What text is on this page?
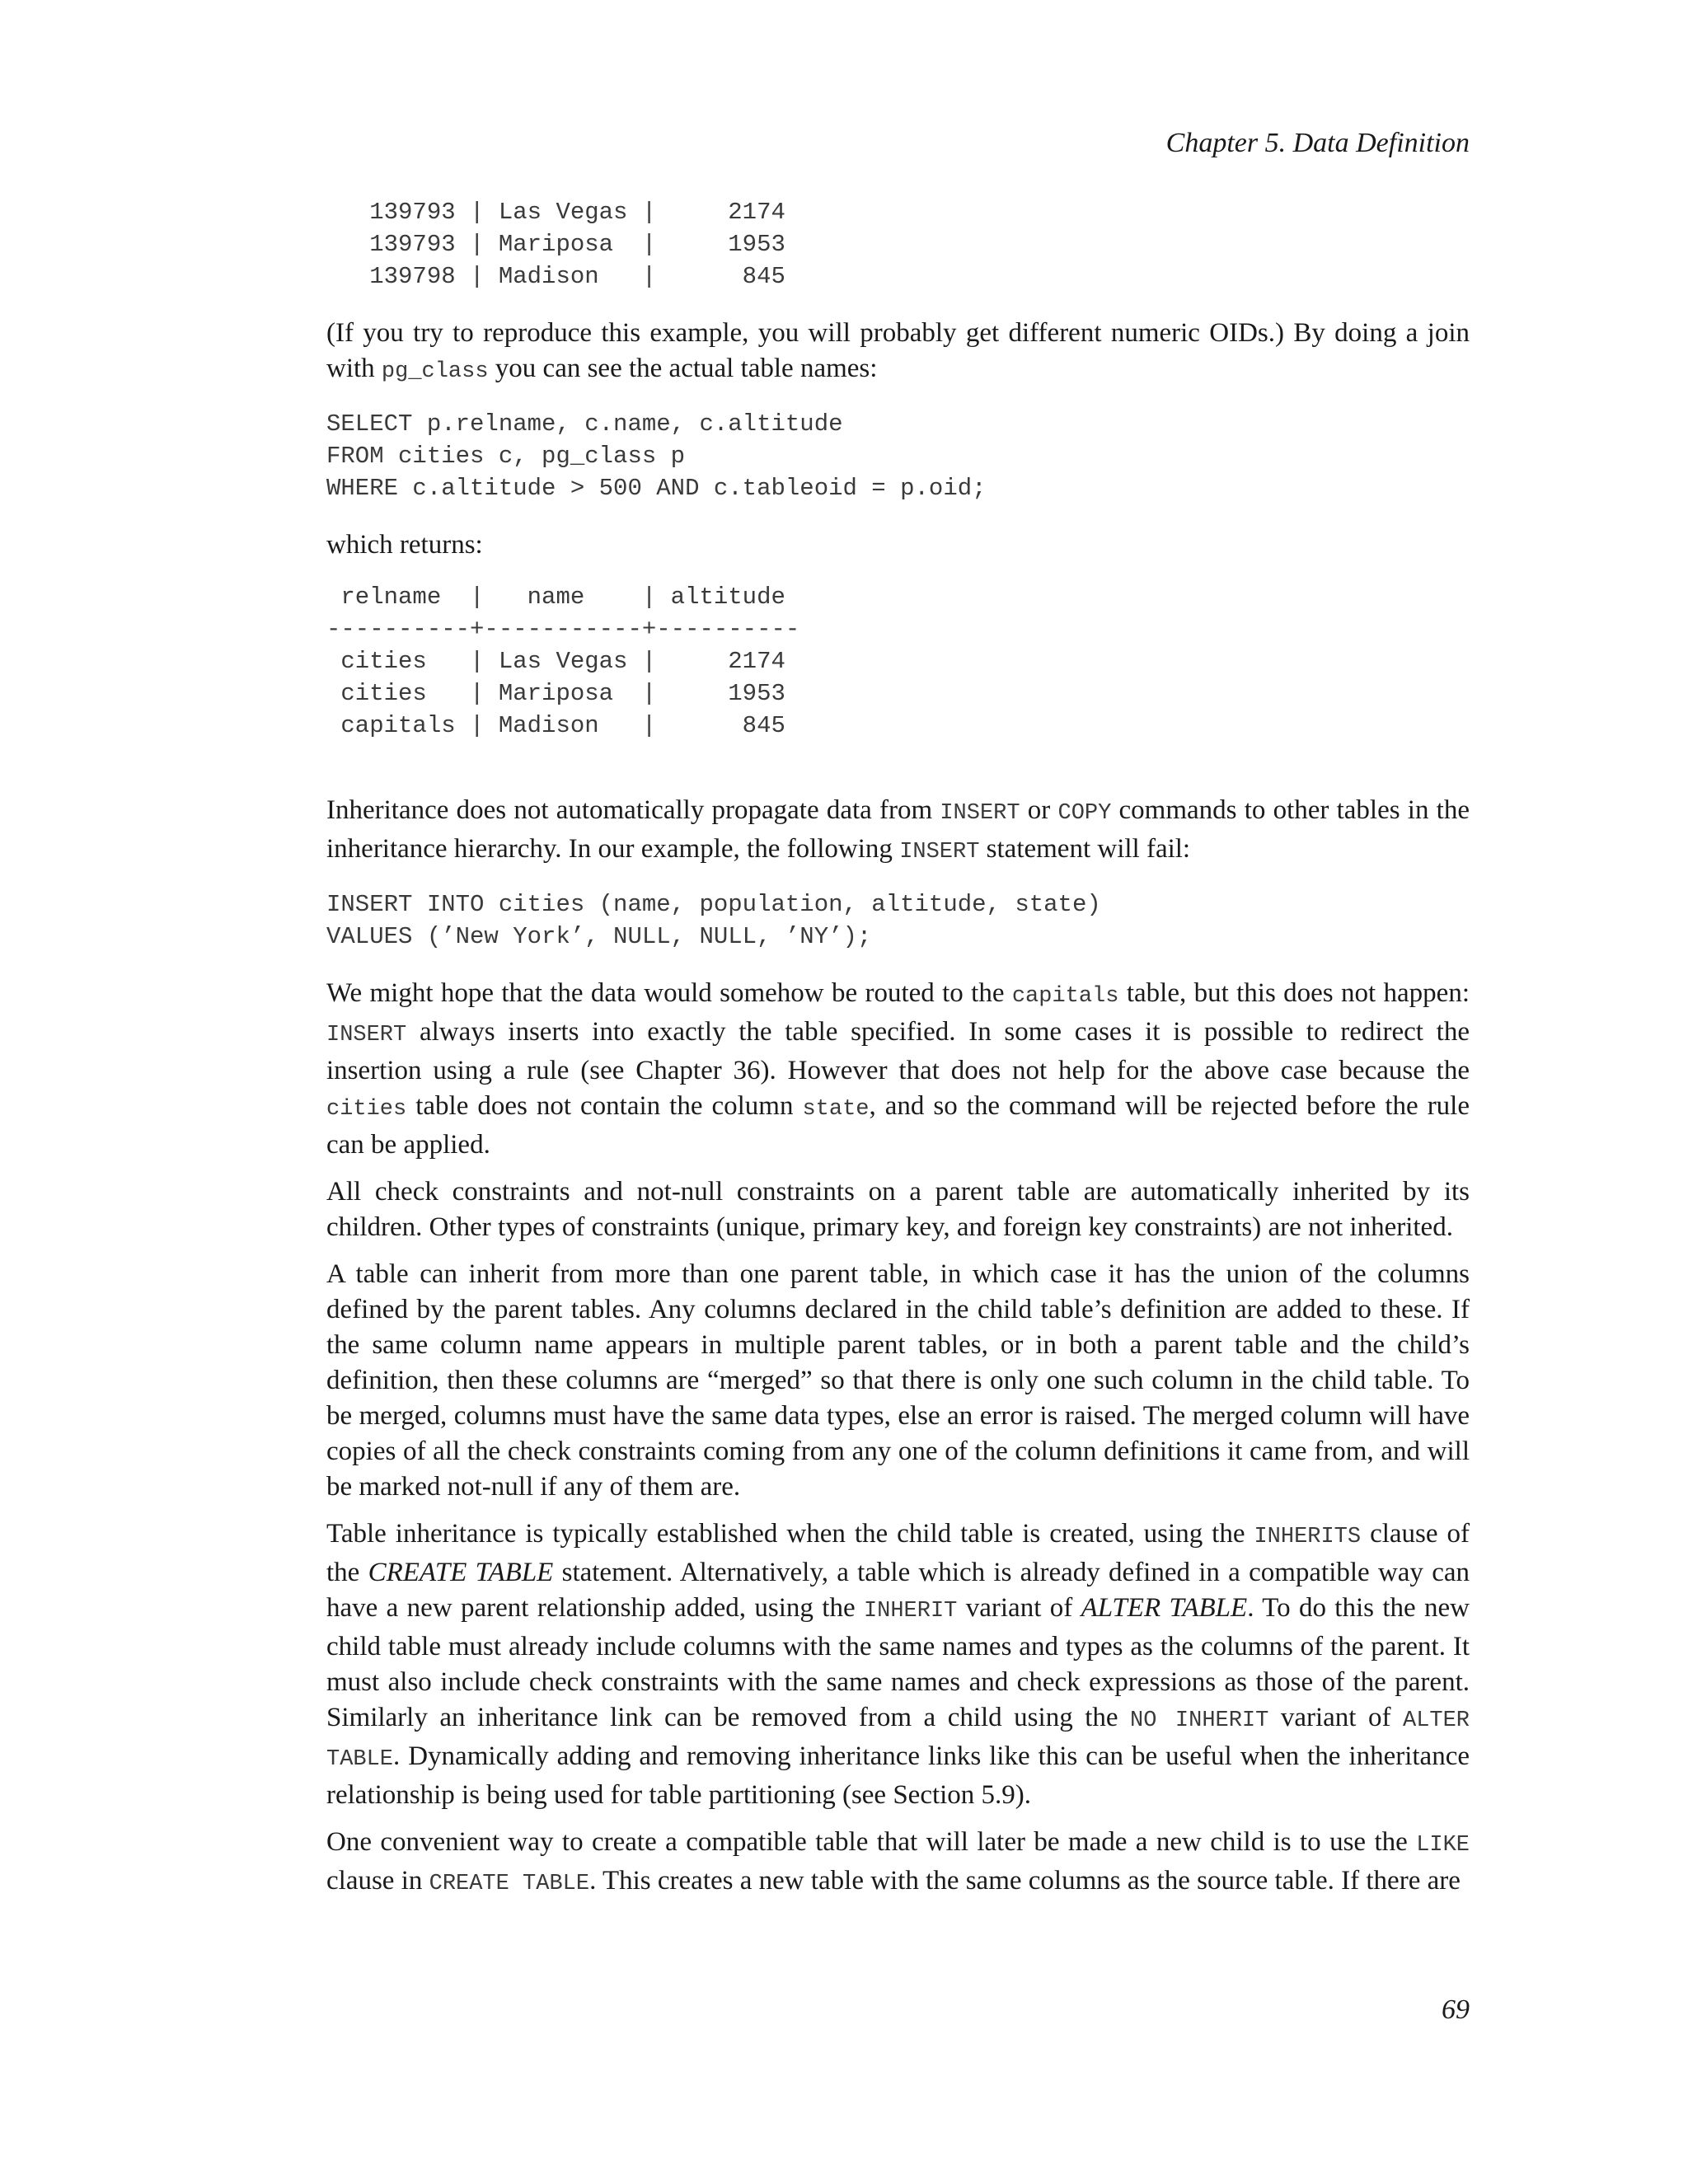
Chapter 5. Data Definition
139793 | Las Vegas |     2174
139793 | Mariposa  |     1953
139798 | Madison   |      845

(If you try to reproduce this example, you will probably get different numeric OIDs.) By doing a join with pg_class you can see the actual table names:

SELECT p.relname, c.name, c.altitude
FROM cities c, pg_class p
WHERE c.altitude > 500 AND c.tableoid = p.oid;

which returns:

relname  |   name    | altitude
----------+-----------+----------
cities   | Las Vegas |     2174
cities   | Mariposa  |     1953
capitals | Madison   |      845

Inheritance does not automatically propagate data from INSERT or COPY commands to other tables in the inheritance hierarchy. In our example, the following INSERT statement will fail:

INSERT INTO cities (name, population, altitude, state)
VALUES (’New York’, NULL, NULL, ’NY’);

We might hope that the data would somehow be routed to the capitals table, but this does not happen: INSERT always inserts into exactly the table specified. In some cases it is possible to redirect the insertion using a rule (see Chapter 36). However that does not help for the above case because the cities table does not contain the column state, and so the command will be rejected before the rule can be applied.

All check constraints and not-null constraints on a parent table are automatically inherited by its children. Other types of constraints (unique, primary key, and foreign key constraints) are not inherited.

A table can inherit from more than one parent table, in which case it has the union of the columns defined by the parent tables. Any columns declared in the child table’s definition are added to these. If the same column name appears in multiple parent tables, or in both a parent table and the child’s definition, then these columns are “merged” so that there is only one such column in the child table. To be merged, columns must have the same data types, else an error is raised. The merged column will have copies of all the check constraints coming from any one of the column definitions it came from, and will be marked not-null if any of them are.

Table inheritance is typically established when the child table is created, using the INHERITS clause of the CREATE TABLE statement. Alternatively, a table which is already defined in a compatible way can have a new parent relationship added, using the INHERIT variant of ALTER TABLE. To do this the new child table must already include columns with the same names and types as the columns of the parent. It must also include check constraints with the same names and check expressions as those of the parent. Similarly an inheritance link can be removed from a child using the NO INHERIT variant of ALTER TABLE. Dynamically adding and removing inheritance links like this can be useful when the inheritance relationship is being used for table partitioning (see Section 5.9).

One convenient way to create a compatible table that will later be made a new child is to use the LIKE clause in CREATE TABLE. This creates a new table with the same columns as the source table. If there are

69
